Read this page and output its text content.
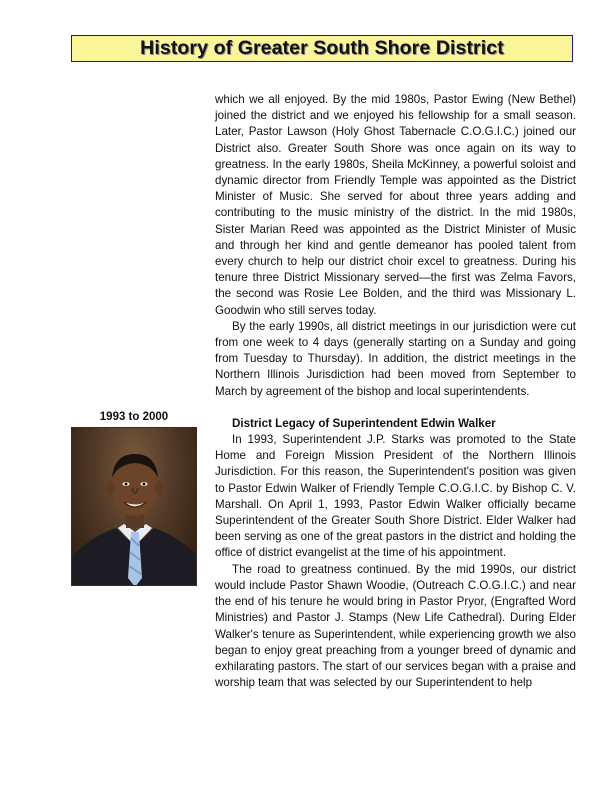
History of Greater South Shore District
1993 to 2000

which we all enjoyed. By the mid 1980s, Pastor Ewing (New Bethel) joined the district and we enjoyed his fellowship for a small season. Later, Pastor Lawson (Holy Ghost Tabernacle C.O.G.I.C.) joined our District also. Greater South Shore was once again on its way to greatness. In the early 1980s, Sheila McKinney, a powerful soloist and dynamic director from Friendly Temple was appointed as the District Minister of Music. She served for about three years adding and contributing to the music ministry of the district. In the mid 1980s, Sister Marian Reed was appointed as the District Minister of Music and through her kind and gentle demeanor has pooled talent from every church to help our district choir excel to greatness. During his tenure three District Missionary served—the first was Zelma Favors, the second was Rosie Lee Bolden, and the third was Missionary L. Goodwin who still serves today.

By the early 1990s, all district meetings in our jurisdiction were cut from one week to 4 days (generally starting on a Sunday and going from Tuesday to Thursday). In addition, the district meetings in the Northern Illinois Jurisdiction had been moved from September to March by agreement of the bishop and local superintendents.

District Legacy of Superintendent Edwin Walker

In 1993, Superintendent J.P. Starks was promoted to the State Home and Foreign Mission President of the Northern Illinois Jurisdiction. For this reason, the Superintendent's position was given to Pastor Edwin Walker of Friendly Temple C.O.G.I.C. by Bishop C. V. Marshall. On April 1, 1993, Pastor Edwin Walker officially became Superintendent of the Greater South Shore District. Elder Walker had been serving as one of the great pastors in the district and holding the office of district evangelist at the time of his appointment.

The road to greatness continued. By the mid 1990s, our district would include Pastor Shawn Woodie, (Outreach C.O.G.I.C.) and near the end of his tenure he would bring in Pastor Pryor, (Engrafted Word Ministries) and Pastor J. Stamps (New Life Cathedral). During Elder Walker's tenure as Superintendent, while experiencing growth we also began to enjoy great preaching from a younger breed of dynamic and exhilarating pastors. The start of our services began with a praise and worship team that was selected by our Superintendent to help
